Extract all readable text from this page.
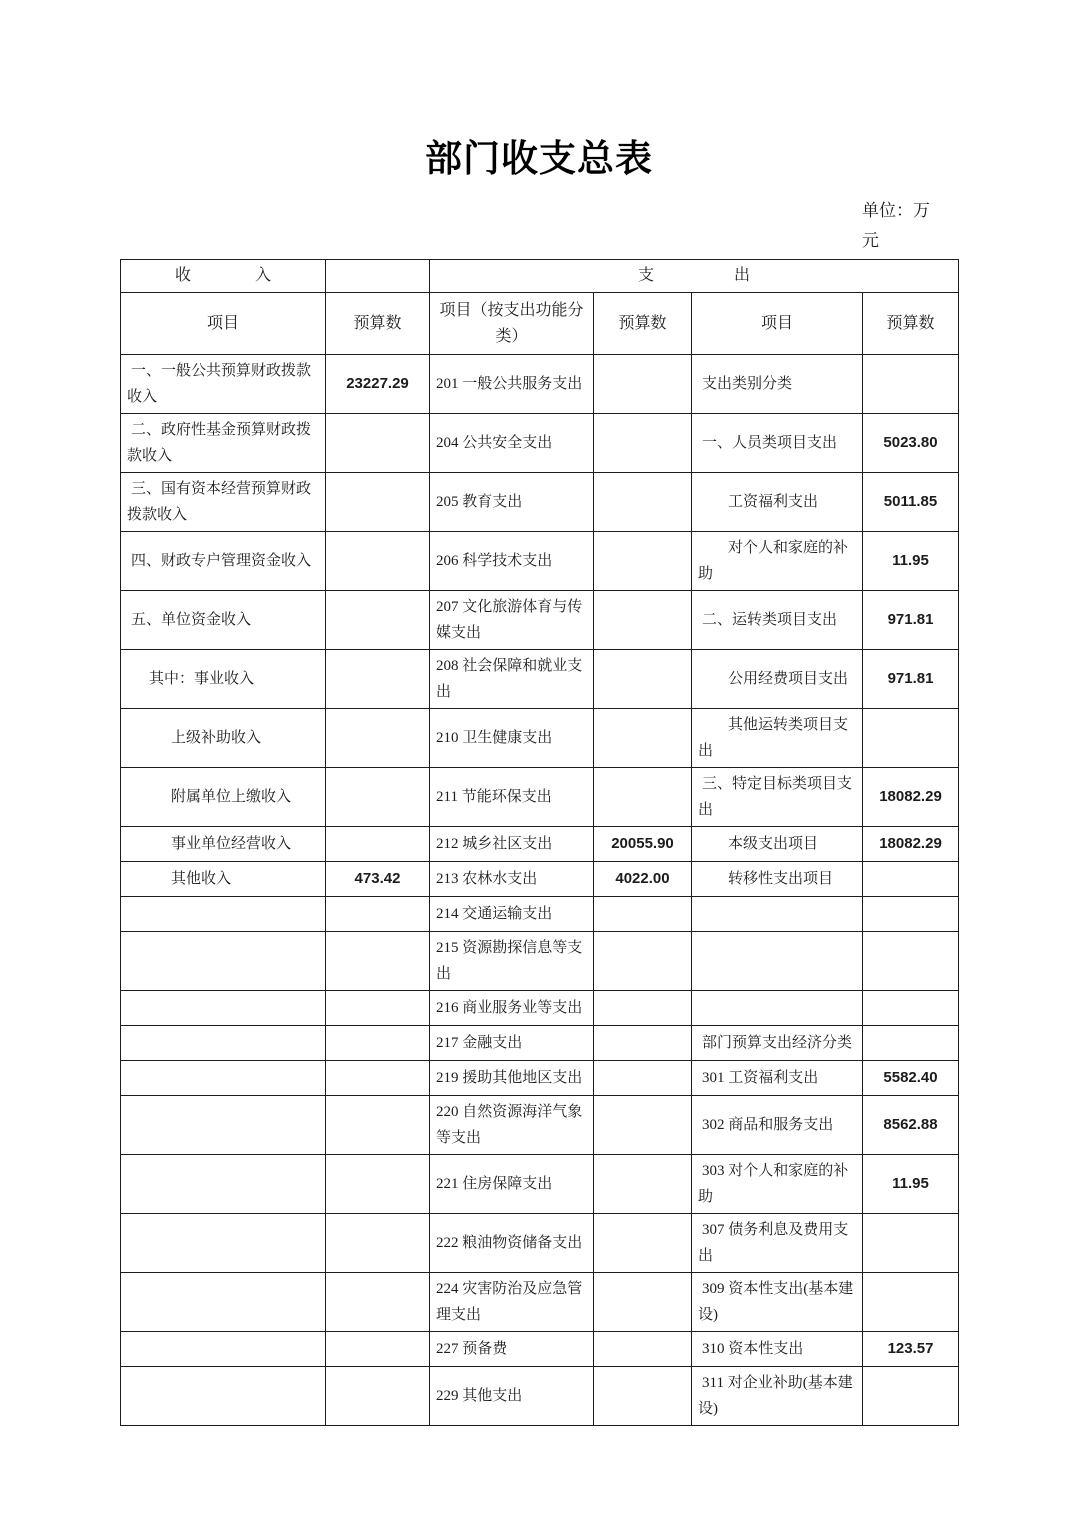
部门收支总表
单位：万元
收　　　　入		支　　　　　出			
项目	预算数	项目（按支出功能分类）	预算数	项目	预算数
一、一般公共预算财政拨款收入	23227.29	201 一般公共服务支出		支出类别分类	
二、政府性基金预算财政拨款收入		204 公共安全支出		一、人员类项目支出	5023.80
三、国有资本经营预算财政拨款收入		205 教育支出		工资福利支出	5011.85
四、财政专户管理资金收入		206 科学技术支出		对个人和家庭的补助	11.95
五、单位资金收入		207 文化旅游体育与传媒支出		二、运转类项目支出	971.81
其中：事业收入		208 社会保障和就业支出		公用经费项目支出	971.81
上级补助收入		210 卫生健康支出		其他运转类项目支出	
附属单位上缴收入		211 节能环保支出		三、特定目标类项目支出	18082.29
事业单位经营收入		212 城乡社区支出	20055.90	本级支出项目	18082.29
其他收入	473.42	213 农林水支出	4022.00	转移性支出项目	
		214 交通运输支出			
		215 资源勘探信息等支出			
		216 商业服务业等支出			
		217 金融支出		部门预算支出经济分类	
		219 援助其他地区支出		301 工资福利支出	5582.40
		220 自然资源海洋气象等支出		302 商品和服务支出	8562.88
		221 住房保障支出		303 对个人和家庭的补助	11.95
		222 粮油物资储备支出		307 债务利息及费用支出	
		224 灾害防治及应急管理支出		309 资本性支出(基本建设)	
		227 预备费		310 资本性支出	123.57
		229 其他支出		311 对企业补助(基本建设)	
